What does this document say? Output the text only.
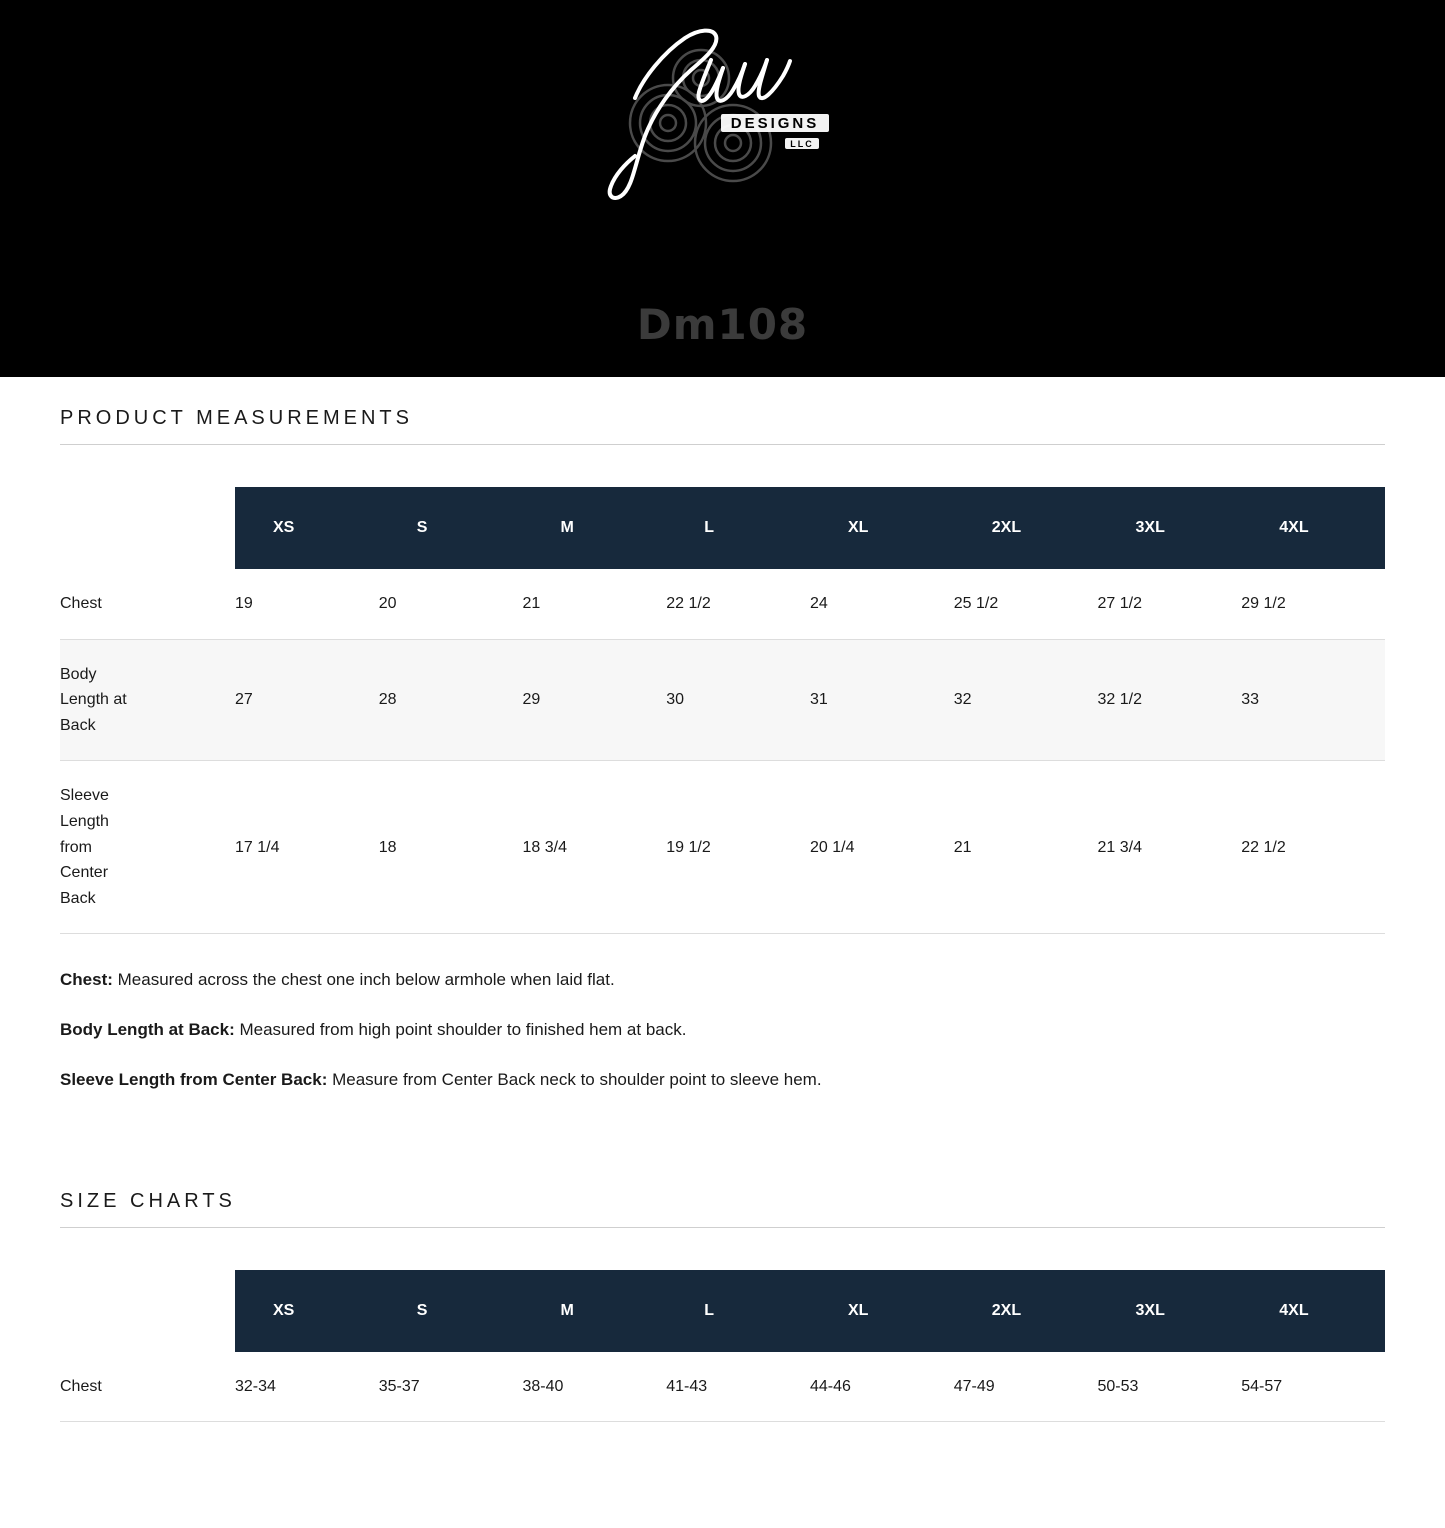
DESIGNS
LLC
Dm108
PRODUCT MEASUREMENTS
	XS	S	M	L	XL	2XL	3XL	4XL
Chest	19	20	21	22 1/2	24	25 1/2	27 1/2	29 1/2

Body Length at Back	27	28	29	30	31	32	32 1/2	33

Sleeve Length from Center Back	17 1/4	18	18 3/4	19 1/2	20 1/4	21	21 3/4	22 1/2
Chest: Measured across the chest one inch below armhole when laid flat.
Body Length at Back: Measured from high point shoulder to finished hem at back.
Sleeve Length from Center Back: Measure from Center Back neck to shoulder point to sleeve hem.
SIZE CHARTS
	XS	S	M	L	XL	2XL	3XL	4XL
Chest	32-34	35-37	38-40	41-43	44-46	47-49	50-53	54-57
